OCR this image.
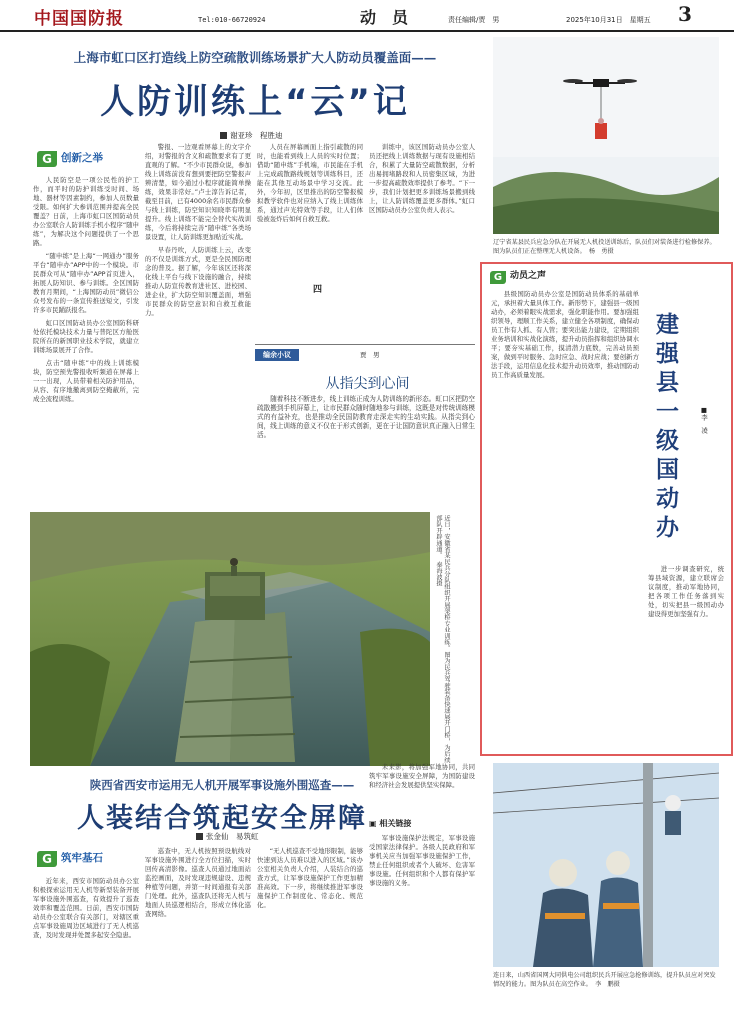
中国国防报	Tel:010-66720924	动　员	责任编辑/贾　男	2025年10月31日　星期五 3
上海市虹口区打造线上防空疏散训练场景扩大人防动员覆盖面——
人防训练上“云”记
谢亚珍　程胜迪
G 创新之举

人民防空是一项公民性的护工作，而平时的防护训练受时间、场地、器材等因素制约，参加人员数量受限。如何扩大参训范围并提高全民覆盖？日前，上海市虹口区国防动员办公室联合人防训练手机小程序“随申练”，为解决这个问题提供了一个思路。

“随申练”是上海“一网通办”服务平台“随申办”APP中的一个模块。市民群众可从“随申办”APP首页进入，拓展人防知识、参与训练。全区国防教育月期间，“上海国防动员”微信公众号发布的一条宣传推送短文，引发许多市民踊跃报名。

虹口区国防动员办公室国防科研处依托模块技术力量与普陀区方舱医院所在的新国职业技术学院，就建立训练场景展开了合作。

点击“随申练”中的线上训练模块，防空预先警报收听频道在屏幕上一一出现，人员带着相关防护用品，从容、有序地撤离到防空掩蔽所，完成全流程训练。

警报、一边观看屏幕上的文字介绍，对警报的含义和疏散要求有了更直观的了解。“不少市民群众说，参加线上训练前没有想到要把防空警报声辨清楚，如今通过小程序就能简单操练，效果非常好。”卢士淳告诉记者，截至目前，已有4000余名市民群众参与线上训练，防空知识知晓率有明显提升。线上训练不能完全替代实战训练，今后将持续完善“随申练”各类场景设置，让人防训练更加贴近实战。

早春丹吹，人防训练上云，改变的不仅是训练方式，更是全民国防理念的普及。据了解，今年该区还将深化线上平台与线下设施的融合，持续推动人防宣传教育进社区、进校园、进企业，扩大防空知识覆盖面，增强市民群众的防空意识和自救互救能力。

人员在屏幕画面上指引疏散的同时，也能看到线上人员的实时位置；借助“随申练”手机端，市民能在手机上完成疏散路线规划等训练科目，还能在其他互动场景中学习交流。此外，今年初，区里推出的防空警报模拟教学软件也对应纳入了线上训练体系，通过声光特效等手段，让人们体验被轰炸后如何自救互救。

训练中，该区国防动员办公室人员还把线上训练数据与现有设施相结合，积累了大量防空疏散数据，分析出易拥堵路段和人员密集区域，为进一步提高疏散效率提供了参考。“下一步，我们计划把更多训练场景搬到线上，让人防训练覆盖更多群体。”虹口区国防动员办公室负责人表示。

四
编余小议	贾　男
从指尖到心间

随着科技不断进步，线上训练正成为人防训练的新形态。虹口区把防空疏散搬到手机屏幕上，让市民群众随时随地参与训练，这既是对传统训练模式的有益补充，也是推动全民国防教育走深走实的生动实践。从指尖到心间，线上训练的意义不仅在于形式创新，更在于让国防意识真正融入日常生活。

近日，安徽省某民兵分队组织开展架桥专业训练。图为民兵驾驶装备快速展开门桥，为后续部队开辟通道。　秦海波摄
辽宁省某县民兵应急分队在开展无人机投送训练后，队员们对装备进行检修保养。图为队员们正在整理无人机设备。　杨　勇摄
G 动员之声
建强县一级国动办	■李　凌

县级国防动员办公室是国防动员体系的基础单元，承担着大量具体工作。新形势下，建强县一级国动办，必须着眼实战需求，强化职能作用。要加强组织领导，理顺工作关系，建立健全各项制度，确保动员工作有人抓、有人管；要突出能力建设，定期组织业务培训和实战化演练，提升动员指挥和组织协调水平；要夯实基础工作，摸清潜力底数，完善动员预案，做到平时服务、急时应急、战时应战；要创新方法手段，运用信息化技术提升动员效率，推动国防动员工作高质量发展。

进一步调查研究，统筹县域资源，建立联席会议制度，推动军地协同，把各项工作任务落到实处，切实把县一级国动办建设得更加坚强有力。

陕西省西安市运用无人机开展军事设施外围巡查——
人装结合筑起安全屏障
张金仙　易筑虹
G 筑牢基石

近年来，西安市国防动员办公室积极探索运用无人机等新型装备开展军事设施外围巡查，有效提升了巡查效率和覆盖范围。日前，西安市国防动员办公室联合有关部门，对辖区重点军事设施周边区域进行了无人机巡查，及时发现并处置多起安全隐患。

巡查中，无人机按照预设航线对军事设施外围进行全方位扫描，实时回传高清影像。巡查人员通过地面站监控画面，及时发现违规建设、违规种植等问题，并第一时间通报有关部门处理。此外，巡查队还将无人机与地面人员巡逻相结合，形成立体化巡查网络。

“无人机巡查不受地形限制，能够快速到达人员难以进入的区域。”该办公室相关负责人介绍，人装结合的巡查方式，让军事设施保护工作更加精准高效。下一步，将继续推进军事设施保护工作制度化、常态化、规范化。

未来影，将加强军地协同，共同筑牢军事设施安全屏障，为国防建设和经济社会发展提供坚实保障。

▣ 相关链接

军事设施保护法规定，军事设施受国家法律保护。各级人民政府和军事机关应当加强军事设施保护工作，禁止任何组织或者个人破坏、危害军事设施。任何组织和个人都有保护军事设施的义务。

连日来，山西省国网大同供电公司组织民兵开展应急抢修训练，提升队员应对突发情况的能力。图为队员在高空作业。　李　鹏摄
